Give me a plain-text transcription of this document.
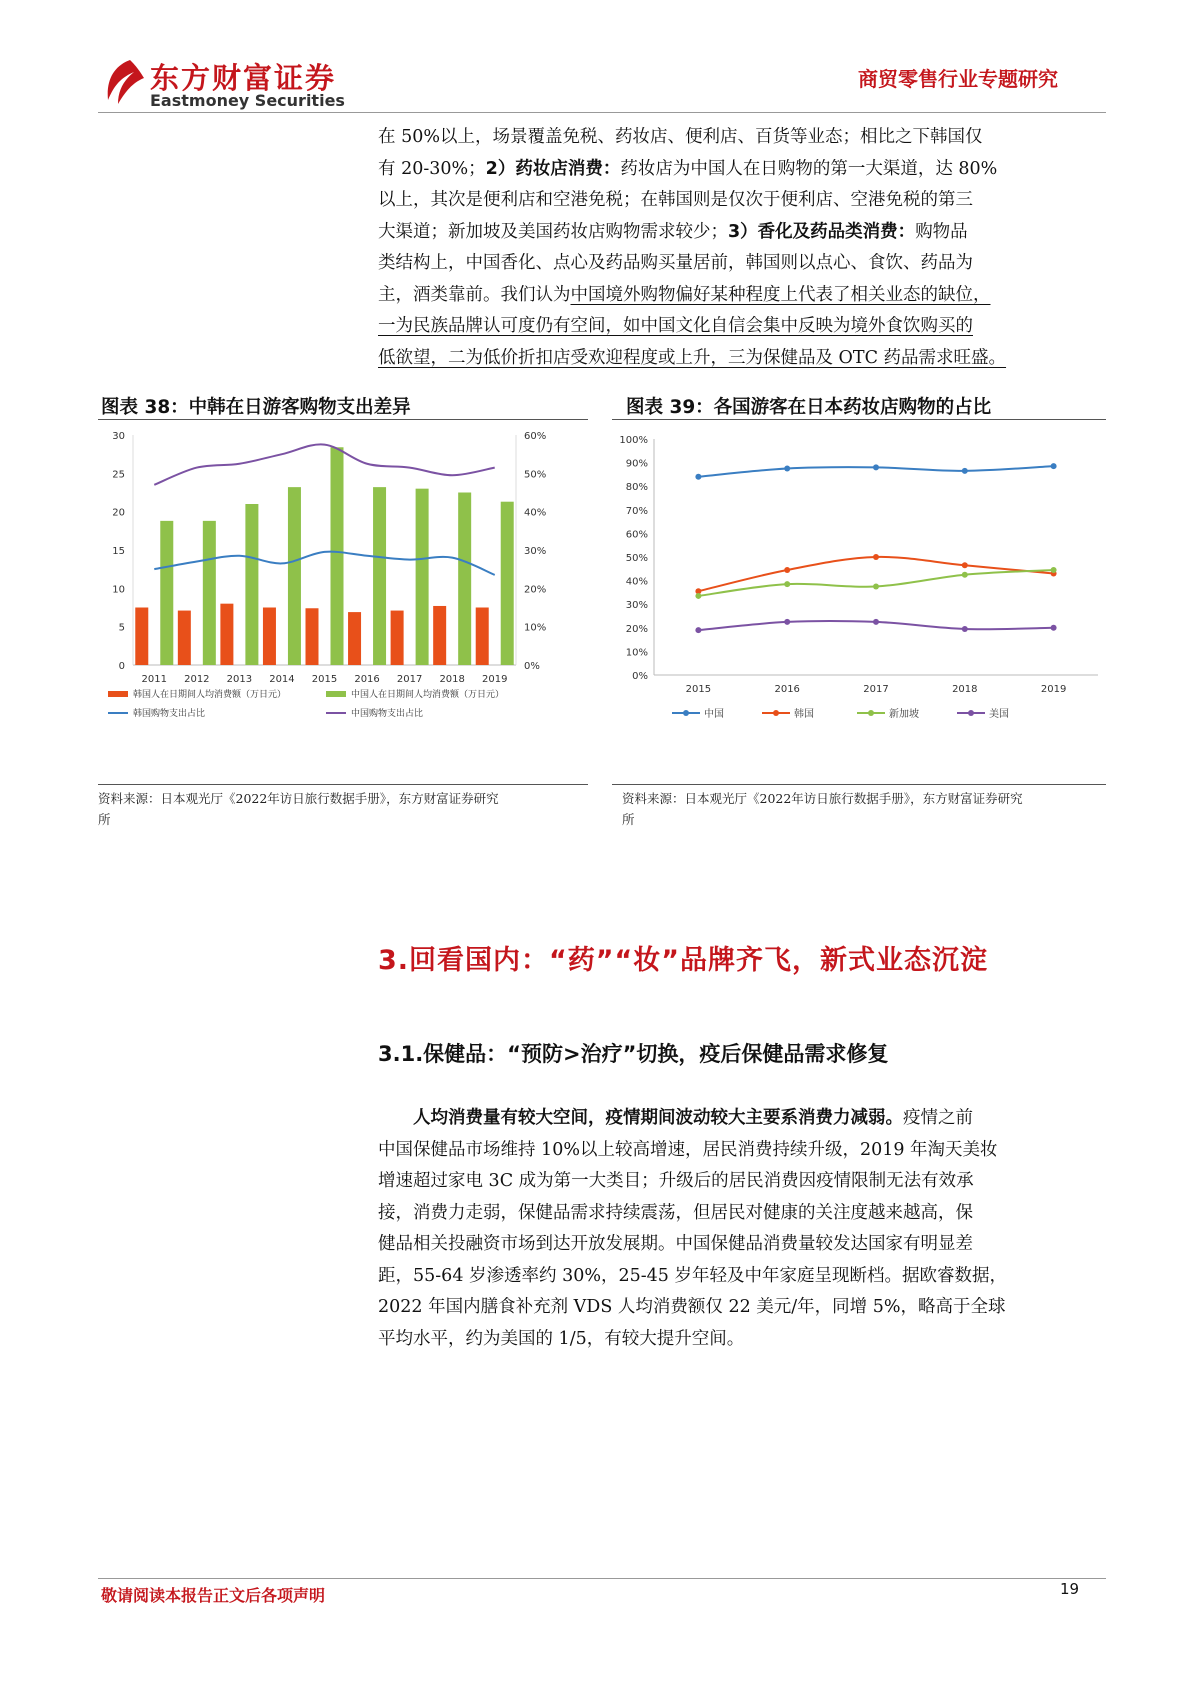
东方财富证券
Eastmoney Securities
商贸零售行业专题研究
在 50%以上，场景覆盖免税、药妆店、便利店、百货等业态；相比之下韩国仅
有 20-30%；2）药妆店消费：药妆店为中国人在日购物的第一大渠道，达 80%
以上，其次是便利店和空港免税；在韩国则是仅次于便利店、空港免税的第三
大渠道；新加坡及美国药妆店购物需求较少；3）香化及药品类消费：购物品
类结构上，中国香化、点心及药品购买量居前，韩国则以点心、食饮、药品为
主，酒类靠前。我们认为中国境外购物偏好某种程度上代表了相关业态的缺位，
一为民族品牌认可度仍有空间，如中国文化自信会集中反映为境外食饮购买的
低欲望，二为低价折扣店受欢迎程度或上升，三为保健品及 OTC 药品需求旺盛。
图表 38：中韩在日游客购物支出差异
30
25
20
15
10
5
0
60%
50%
40%
30%
20%
10%
0%
2011 2012 2013 2014 2015 2016 2017 2018 2019
韩国人在日期间人均消费额（万日元）	中国人在日期间人均消费额（万日元）
韩国购物支出占比	中国购物支出占比
资料来源：日本观光厅《2022年访日旅行数据手册》，东方财富证券研究
所
图表 39：各国游客在日本药妆店购物的占比
100%
90%
80%
70%
60%
50%
40%
30%
20%
10%
0%
2015	2016	2017	2018	2019
中国	韩国	新加坡	美国
资料来源：日本观光厅《2022年访日旅行数据手册》，东方财富证券研究
所
3.回看国内：“药”“妆”品牌齐飞，新式业态沉淀
3.1.保健品：“预防>治疗”切换，疫后保健品需求修复
人均消费量有较大空间，疫情期间波动较大主要系消费力减弱。疫情之前
中国保健品市场维持 10%以上较高增速，居民消费持续升级，2019 年淘天美妆
增速超过家电 3C 成为第一大类目；升级后的居民消费因疫情限制无法有效承
接，消费力走弱，保健品需求持续震荡，但居民对健康的关注度越来越高，保
健品相关投融资市场到达开放发展期。中国保健品消费量较发达国家有明显差
距，55-64 岁渗透率约 30%，25-45 岁年轻及中年家庭呈现断档。据欧睿数据，
2022 年国内膳食补充剂 VDS 人均消费额仅 22 美元/年，同增 5%，略高于全球
平均水平，约为美国的 1/5，有较大提升空间。
敬请阅读本报告正文后各项声明	19
